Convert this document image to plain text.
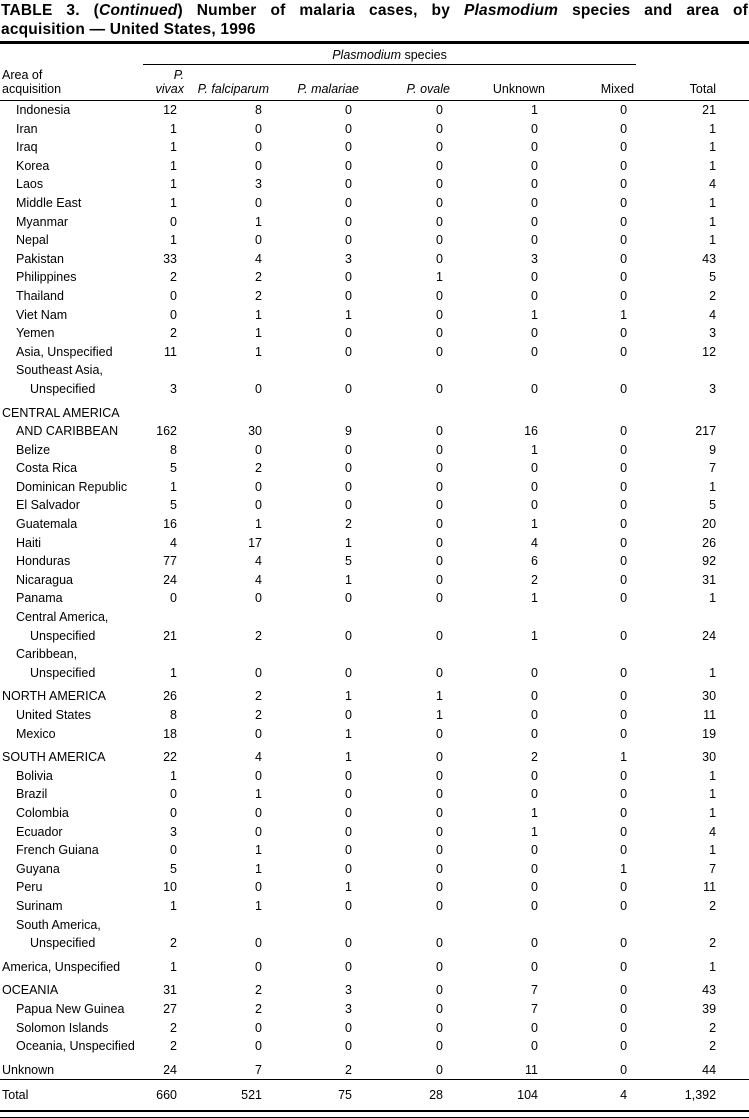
TABLE 3. (Continued) Number of malaria cases, by Plasmodium species and area of
acquisition — United States, 1996
Area of
acquisition	Plasmodium species						
	P. vivax	P. falciparum	P. malariae	P. ovale	Unknown	Mixed	Total
Indonesia	12	8	0	0	1	0	21
Iran	1	0	0	0	0	0	1
Iraq	1	0	0	0	0	0	1
Korea	1	0	0	0	0	0	1
Laos	1	3	0	0	0	0	4
Middle East	1	0	0	0	0	0	1
Myanmar	0	1	0	0	0	0	1
Nepal	1	0	0	0	0	0	1
Pakistan	33	4	3	0	3	0	43
Philippines	2	2	0	1	0	0	5
Thailand	0	2	0	0	0	0	2
Viet Nam	0	1	1	0	1	1	4
Yemen	2	1	0	0	0	0	3
Asia, Unspecified	11	1	0	0	0	0	12
Southeast Asia,							
Unspecified	3	0	0	0	0	0	3
CENTRAL AMERICA							
AND CARIBBEAN	162	30	9	0	16	0	217
Belize	8	0	0	0	1	0	9
Costa Rica	5	2	0	0	0	0	7
Dominican Republic	1	0	0	0	0	0	1
El Salvador	5	0	0	0	0	0	5
Guatemala	16	1	2	0	1	0	20
Haiti	4	17	1	0	4	0	26
Honduras	77	4	5	0	6	0	92
Nicaragua	24	4	1	0	2	0	31
Panama	0	0	0	0	1	0	1
Central America,							
Unspecified	21	2	0	0	1	0	24
Caribbean,							
Unspecified	1	0	0	0	0	0	1
NORTH AMERICA	26	2	1	1	0	0	30
United States	8	2	0	1	0	0	11
Mexico	18	0	1	0	0	0	19
SOUTH AMERICA	22	4	1	0	2	1	30
Bolivia	1	0	0	0	0	0	1
Brazil	0	1	0	0	0	0	1
Colombia	0	0	0	0	1	0	1
Ecuador	3	0	0	0	1	0	4
French Guiana	0	1	0	0	0	0	1
Guyana	5	1	0	0	0	1	7
Peru	10	0	1	0	0	0	11
Surinam	1	1	0	0	0	0	2
South America,							
Unspecified	2	0	0	0	0	0	2
America, Unspecified	1	0	0	0	0	0	1
OCEANIA	31	2	3	0	7	0	43
Papua New Guinea	27	2	3	0	7	0	39
Solomon Islands	2	0	0	0	0	0	2
Oceania, Unspecified	2	0	0	0	0	0	2
Unknown	24	7	2	0	11	0	44
Total	660	521	75	28	104	4	1,392
